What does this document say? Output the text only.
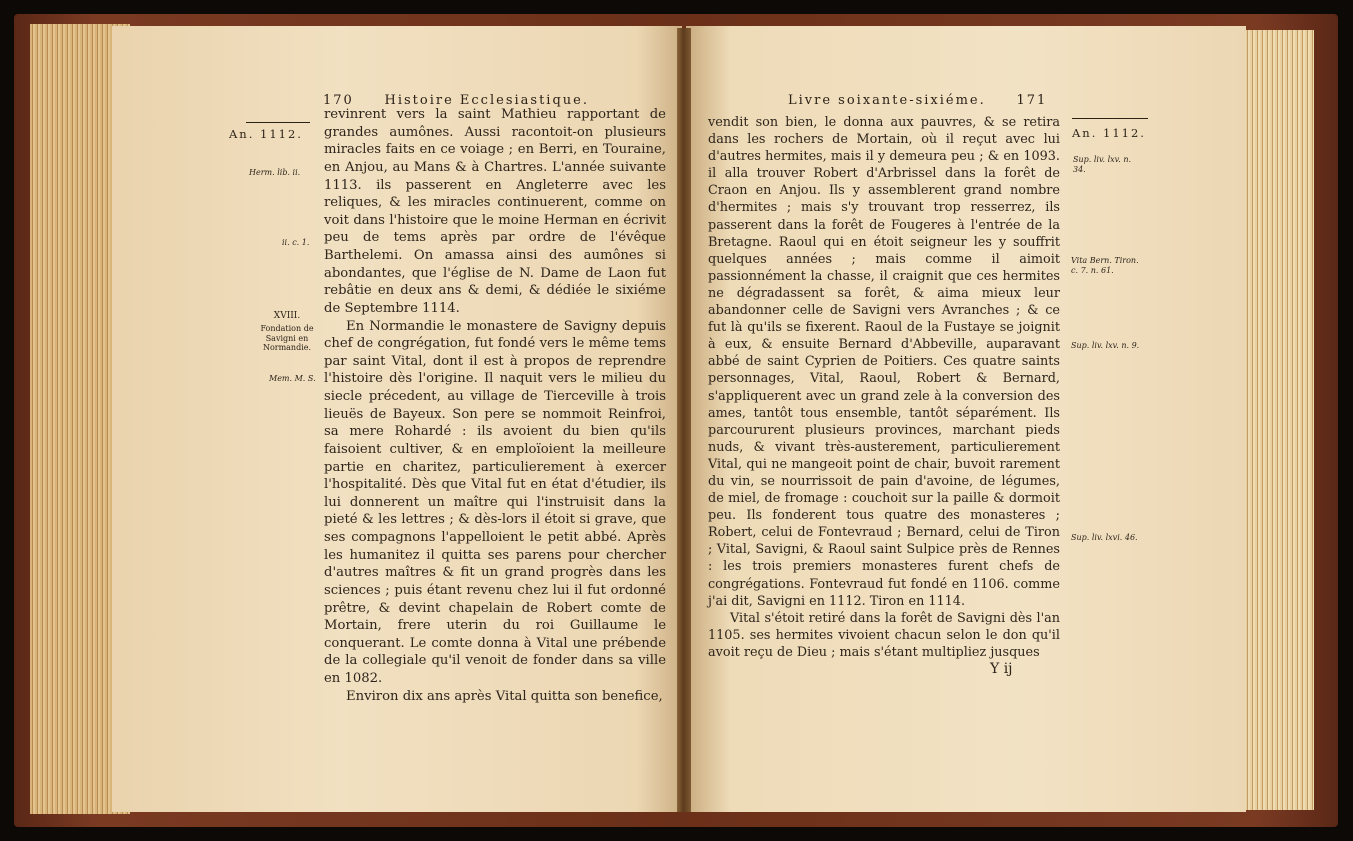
170 Histoire Ecclesiastique.
An. 1112.
Herm. lib. ii.
ii. c. 1.
XVIII.
Fondation de Savigni en Normandie.
Mem. M. S.

revinrent vers la saint Mathieu rapportant de grandes aumônes. Aussi racontoit-on plusieurs miracles faits en ce voiage ; en Berri, en Touraine, en Anjou, au Mans & à Chartres. L'année suivante 1113. ils passerent en Angleterre avec les reliques, & les miracles continuerent, comme on voit dans l'histoire que le moine Herman en écrivit peu de tems après par ordre de l'évêque Barthelemi. On amassa ainsi des aumônes si abondantes, que l'église de N. Dame de Laon fut rebâtie en deux ans & demi, & dédiée le sixiéme de Septembre 1114.

En Normandie le monastere de Savigny depuis chef de congrégation, fut fondé vers le même tems par saint Vital, dont il est à propos de reprendre l'histoire dès l'origine. Il naquit vers le milieu du siecle précedent, au village de Tierceville à trois lieuës de Bayeux. Son pere se nommoit Reinfroi, sa mere Rohardé : ils avoient du bien qu'ils faisoient cultiver, & en emploïoient la meilleure partie en charitez, particulierement à exercer l'hospitalité. Dès que Vital fut en état d'étudier, ils lui donnerent un maître qui l'instruisit dans la pieté & les lettres ; & dès-lors il étoit si grave, que ses compagnons l'appelloient le petit abbé. Après les humanitez il quitta ses parens pour chercher d'autres maîtres & fit un grand progrès dans les sciences ; puis étant revenu chez lui il fut ordonné prêtre, & devint chapelain de Robert comte de Mortain, frere uterin du roi Guillaume le conquerant. Le comte donna à Vital une prébende de la collegiale qu'il venoit de fonder dans sa ville en 1082.

Environ dix ans après Vital quitta son benefice,

Livre soixante-sixiéme. 171
An. 1112.
Sup. liv. lxv. n. 34.
Vita Bern. Tiron. c. 7. n. 61.
Sup. liv. lxv. n. 9.
Sup. liv. lxvi. 46.

vendit son bien, le donna aux pauvres, & se retira dans les rochers de Mortain, où il reçut avec lui d'autres hermites, mais il y demeura peu ; & en 1093. il alla trouver Robert d'Arbrissel dans la forêt de Craon en Anjou. Ils y assemblerent grand nombre d'hermites ; mais s'y trouvant trop resserrez, ils passerent dans la forêt de Fougeres à l'entrée de la Bretagne. Raoul qui en étoit seigneur les y souffrit quelques années ; mais comme il aimoit passionnément la chasse, il craignit que ces hermites ne dégradassent sa forêt, & aima mieux leur abandonner celle de Savigni vers Avranches ; & ce fut là qu'ils se fixerent. Raoul de la Fustaye se joignit à eux, & ensuite Bernard d'Abbeville, auparavant abbé de saint Cyprien de Poitiers. Ces quatre saints personnages, Vital, Raoul, Robert & Bernard, s'appliquerent avec un grand zele à la conversion des ames, tantôt tous ensemble, tantôt séparément. Ils parcoururent plusieurs provinces, marchant pieds nuds, & vivant très-austerement, particulierement Vital, qui ne mangeoit point de chair, buvoit rarement du vin, se nourrissoit de pain d'avoine, de légumes, de miel, de fromage : couchoit sur la paille & dormoit peu. Ils fonderent tous quatre des monasteres ; Robert, celui de Fontevraud ; Bernard, celui de Tiron ; Vital, Savigni, & Raoul saint Sulpice près de Rennes : les trois premiers monasteres furent chefs de congrégations. Fontevraud fut fondé en 1106. comme j'ai dit, Savigni en 1112. Tiron en 1114.

Vital s'étoit retiré dans la forêt de Savigni dès l'an 1105. ses hermites vivoient chacun selon le don qu'il avoit reçu de Dieu ; mais s'étant multipliez jusques

Y ij
